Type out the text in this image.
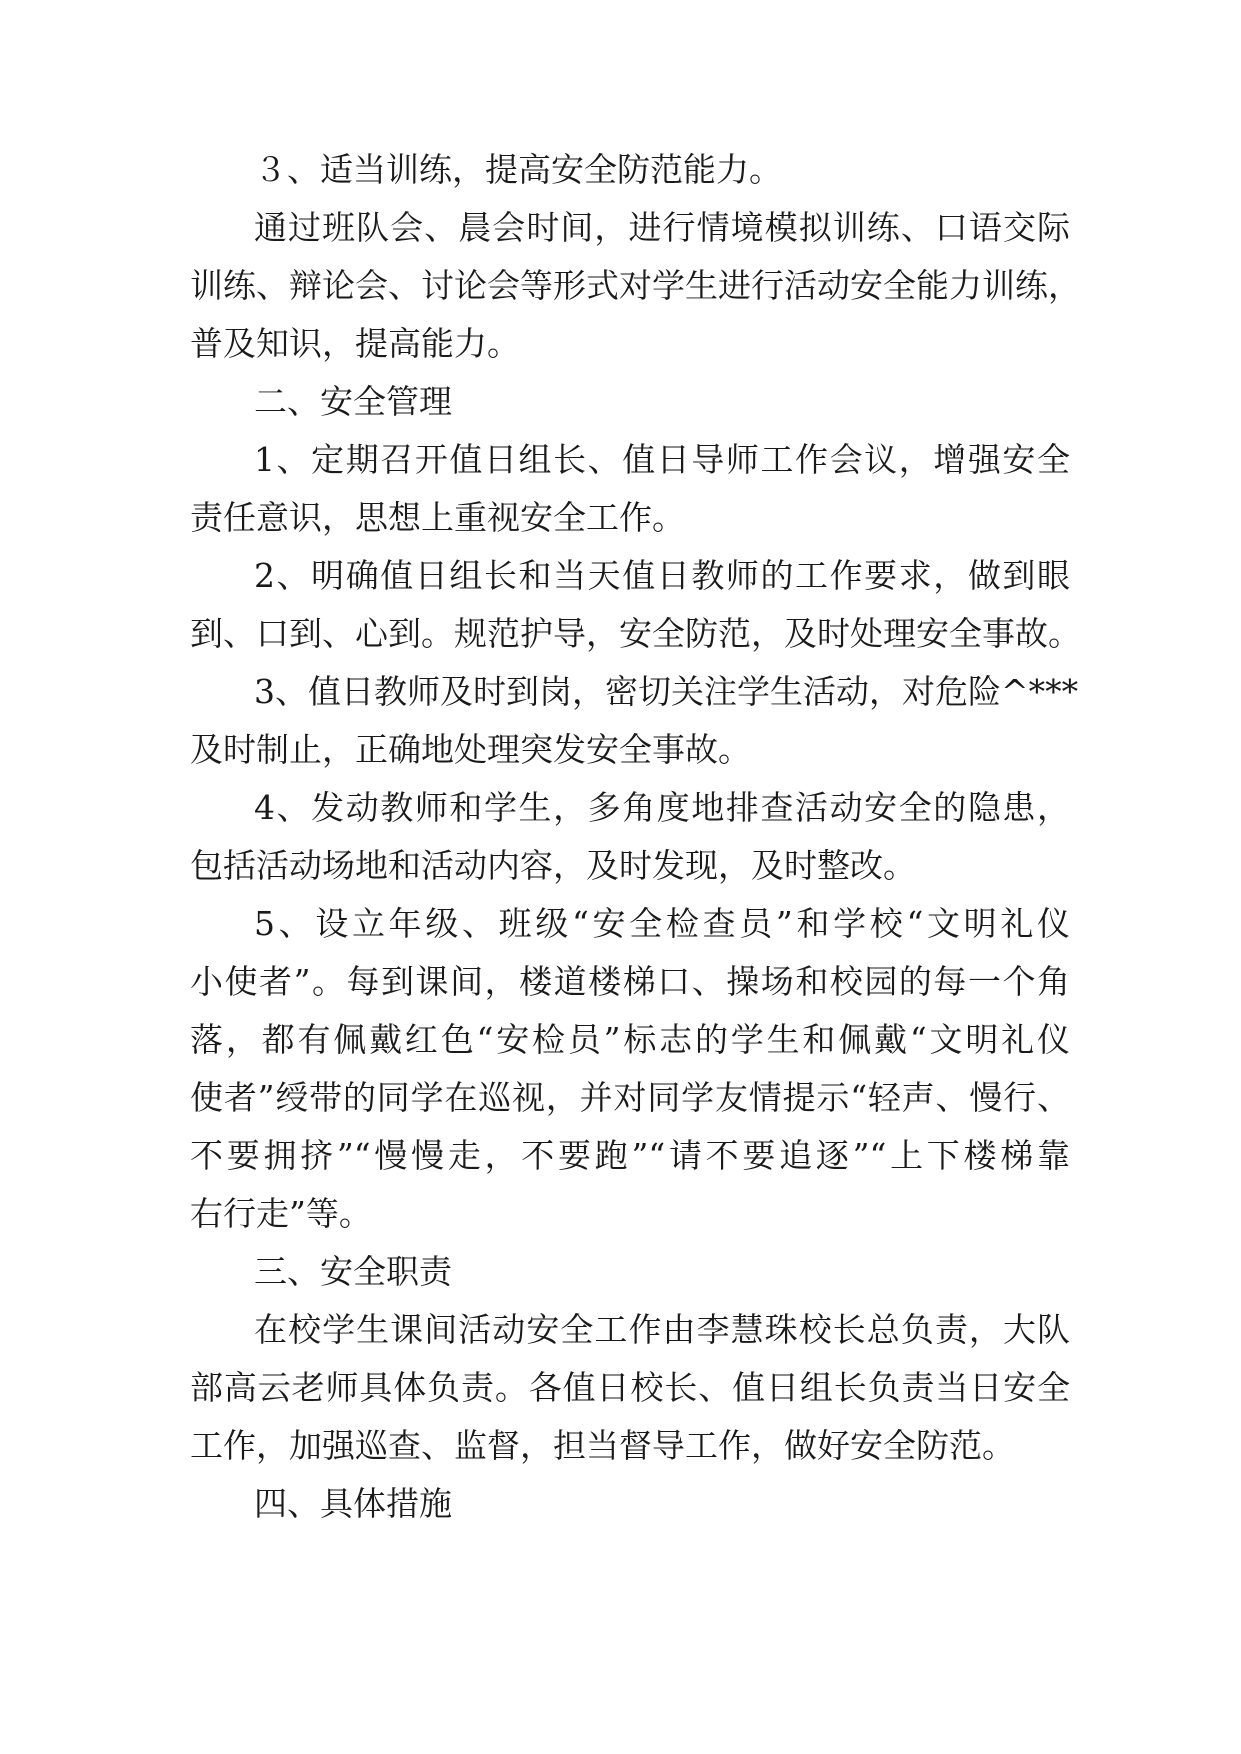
３、适当训练，提高安全防范能力。
通过班队会、晨会时间，进行情境模拟训练、口语交际
训练、辩论会、讨论会等形式对学生进行活动安全能力训练，
普及知识，提高能力。
二、安全管理
1、定期召开值日组长、值日导师工作会议，增强安全
责任意识，思想上重视安全工作。
2、明确值日组长和当天值日教师的工作要求，做到眼
到、口到、心到。规范护导，安全防范，及时处理安全事故。
3、值日教师及时到岗，密切关注学生活动，对危险^***
及时制止，正确地处理突发安全事故。
4、发动教师和学生，多角度地排查活动安全的隐患，
包括活动场地和活动内容，及时发现，及时整改。
5、设立年级、班级“安全检查员”和学校“文明礼仪
小使者”。每到课间，楼道楼梯口、操场和校园的每一个角
落，都有佩戴红色“安检员”标志的学生和佩戴“文明礼仪
使者”绶带的同学在巡视，并对同学友情提示“轻声、慢行、
不要拥挤”“慢慢走，不要跑”“请不要追逐”“上下楼梯靠
右行走”等。
三、安全职责
在校学生课间活动安全工作由李慧珠校长总负责，大队
部高云老师具体负责。各值日校长、值日组长负责当日安全
工作，加强巡查、监督，担当督导工作，做好安全防范。
四、具体措施
